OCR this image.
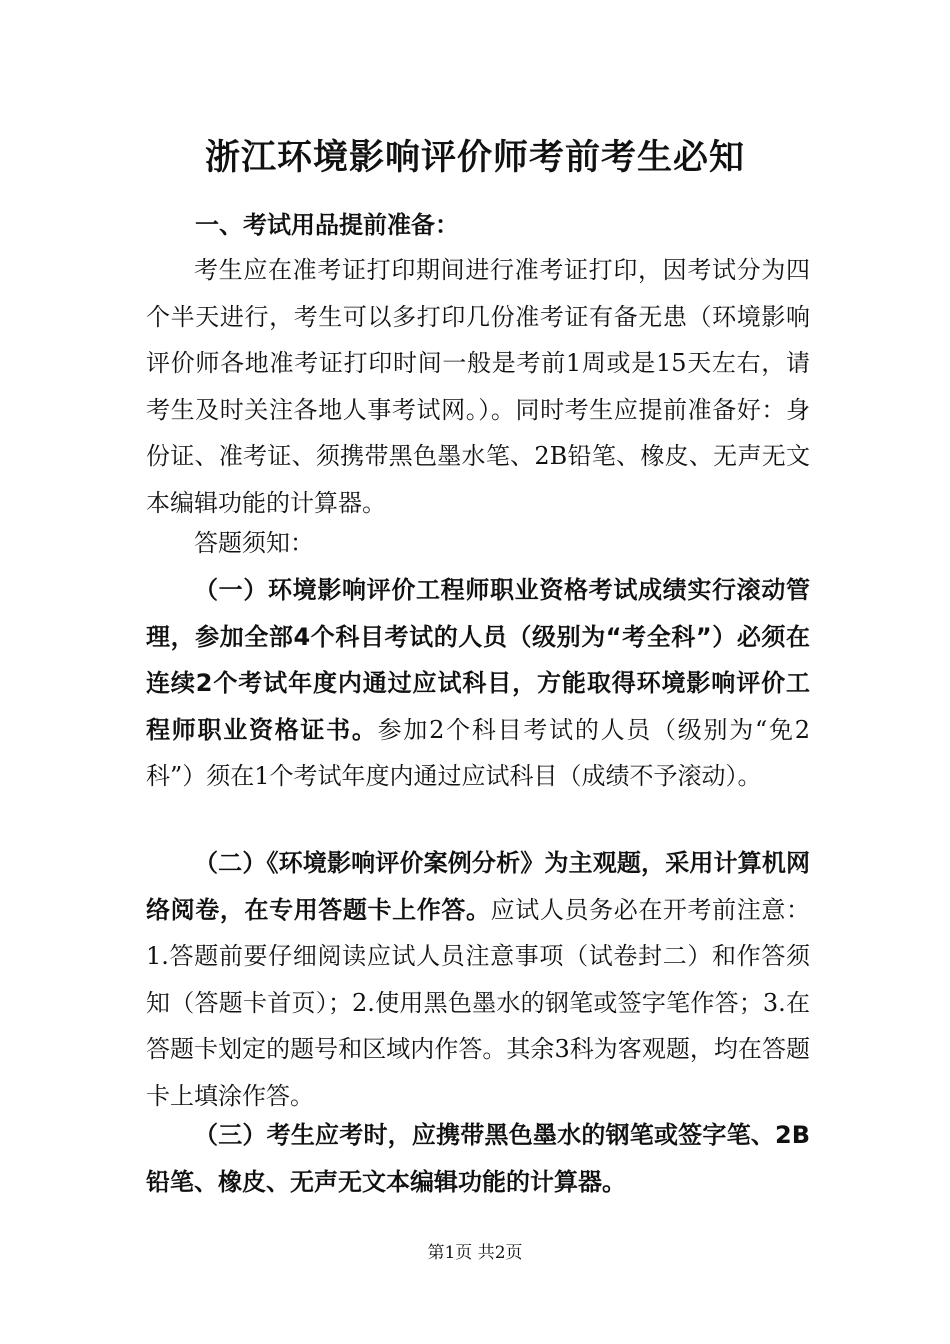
浙江环境影响评价师考前考生必知

一、考试用品提前准备：

考生应在准考证打印期间进行准考证打印，因考试分为四个半天进行，考生可以多打印几份准考证有备无患（环境影响评价师各地准考证打印时间一般是考前1周或是15天左右，请考生及时关注各地人事考试网。）。同时考生应提前准备好：身份证、准考证、须携带黑色墨水笔、2B铅笔、橡皮、无声无文本编辑功能的计算器。

答题须知：

（一）环境影响评价工程师职业资格考试成绩实行滚动管理，参加全部4个科目考试的人员（级别为“考全科”）必须在连续2个考试年度内通过应试科目，方能取得环境影响评价工程师职业资格证书。参加2个科目考试的人员（级别为“免2科”）须在1个考试年度内通过应试科目（成绩不予滚动）。

（二）《环境影响评价案例分析》为主观题，采用计算机网络阅卷，在专用答题卡上作答。应试人员务必在开考前注意：1.答题前要仔细阅读应试人员注意事项（试卷封二）和作答须知（答题卡首页）；2.使用黑色墨水的钢笔或签字笔作答；3.在答题卡划定的题号和区域内作答。其余3科为客观题，均在答题卡上填涂作答。

（三）考生应考时，应携带黑色墨水的钢笔或签字笔、2B铅笔、橡皮、无声无文本编辑功能的计算器。

第1页 共2页
